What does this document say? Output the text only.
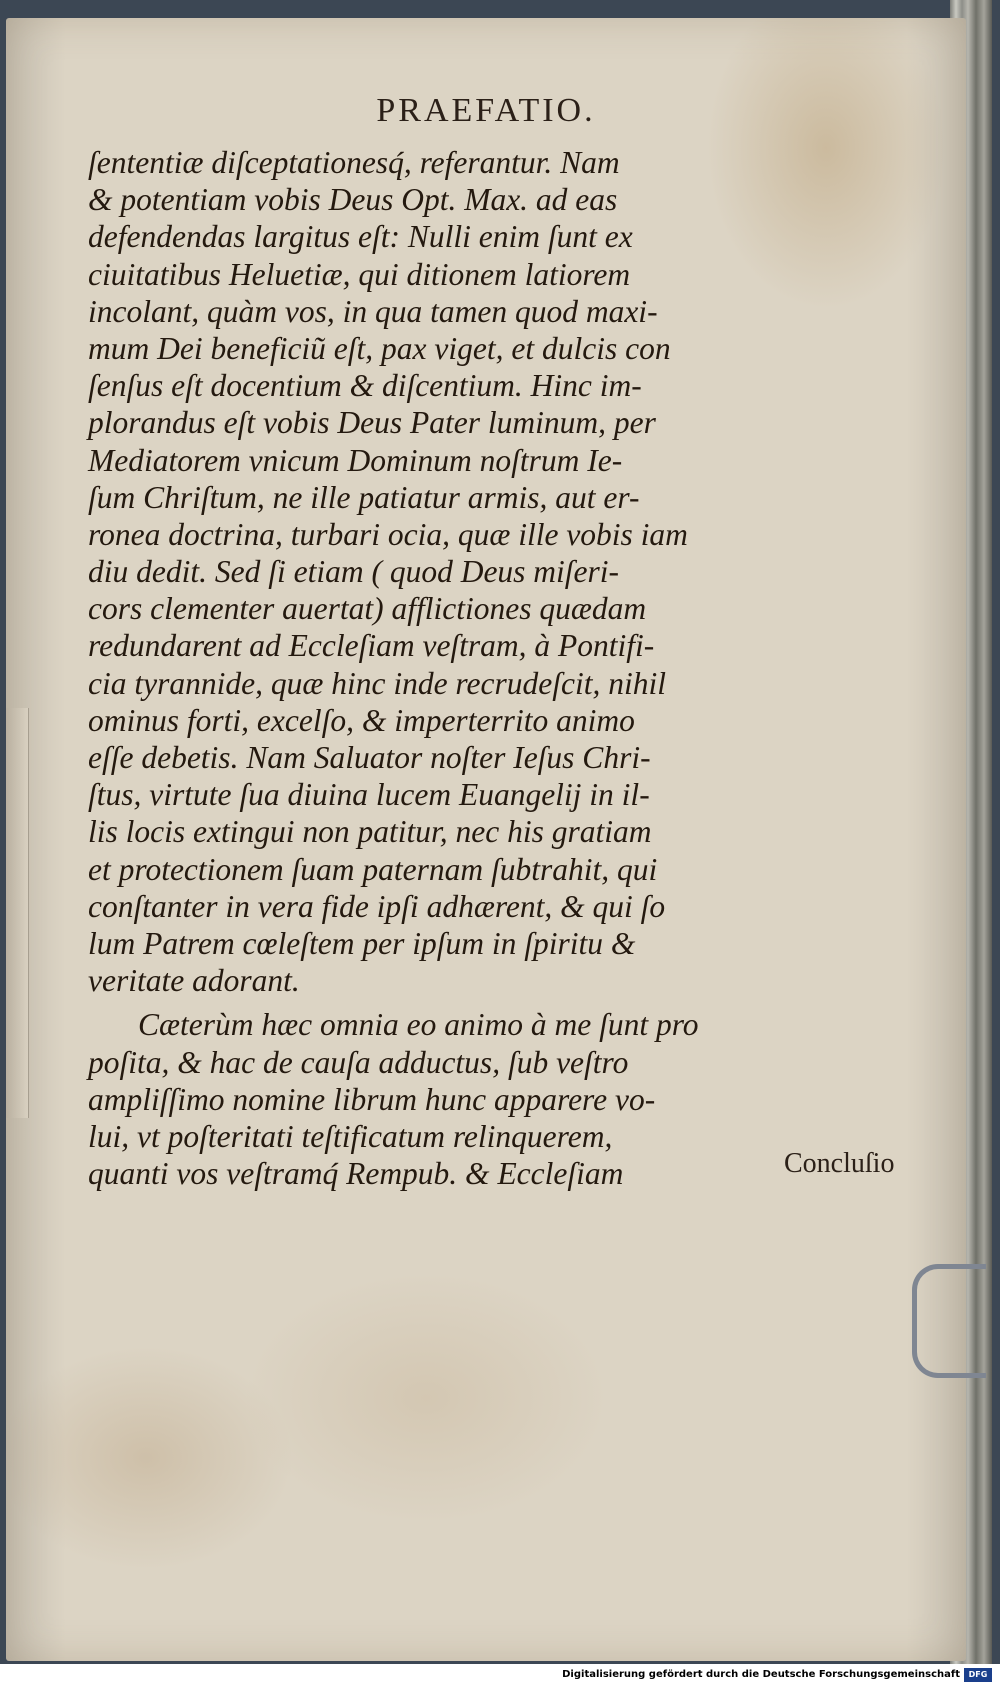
PRAEFATIO.
ſententiæ diſceptationesq́, referantur. Nam
& potentiam vobis Deus Opt. Max. ad eas
defendendas largitus eſt: Nulli enim ſunt ex
ciuitatibus Heluetiæ, qui ditionem latiorem
incolant, quàm vos, in qua tamen quod maxi-
mum Dei beneficiũ eſt, pax viget, et dulcis con
ſenſus eſt docentium & diſcentium. Hinc im-
plorandus eſt vobis Deus Pater luminum, per
Mediatorem vnicum Dominum noſtrum Ie-
ſum Chriſtum, ne ille patiatur armis, aut er-
ronea doctrina, turbari ocia, quæ ille vobis iam
diu dedit. Sed ſi etiam ( quod Deus miſeri-
cors clementer auertat) afflictiones quædam
redundarent ad Eccleſiam veſtram, à Pontifi-
cia tyrannide, quæ hinc inde recrudeſcit, nihil
ominus forti, excelſo, & imperterrito animo
eſſe debetis. Nam Saluator noſter Ieſus Chri-
ſtus, virtute ſua diuina lucem Euangelij in il-
lis locis extingui non patitur, nec his gratiam
et protectionem ſuam paternam ſubtrahit, qui
conſtanter in vera fide ipſi adhærent, & qui ſo
lum Patrem cœleſtem per ipſum in ſpiritu &
veritate adorant.
Cæterùm hæc omnia eo animo à me ſunt pro
poſita, & hac de cauſa adductus, ſub veſtro
ampliſſimo nomine librum hunc apparere vo-
lui, vt poſteritati teſtificatum relinquerem,
quanti vos veſtramq́ Rempub. & Eccleſiam	Concluſio
Digitalisierung gefördert durch die Deutsche Forschungsgemeinschaft	DFG
